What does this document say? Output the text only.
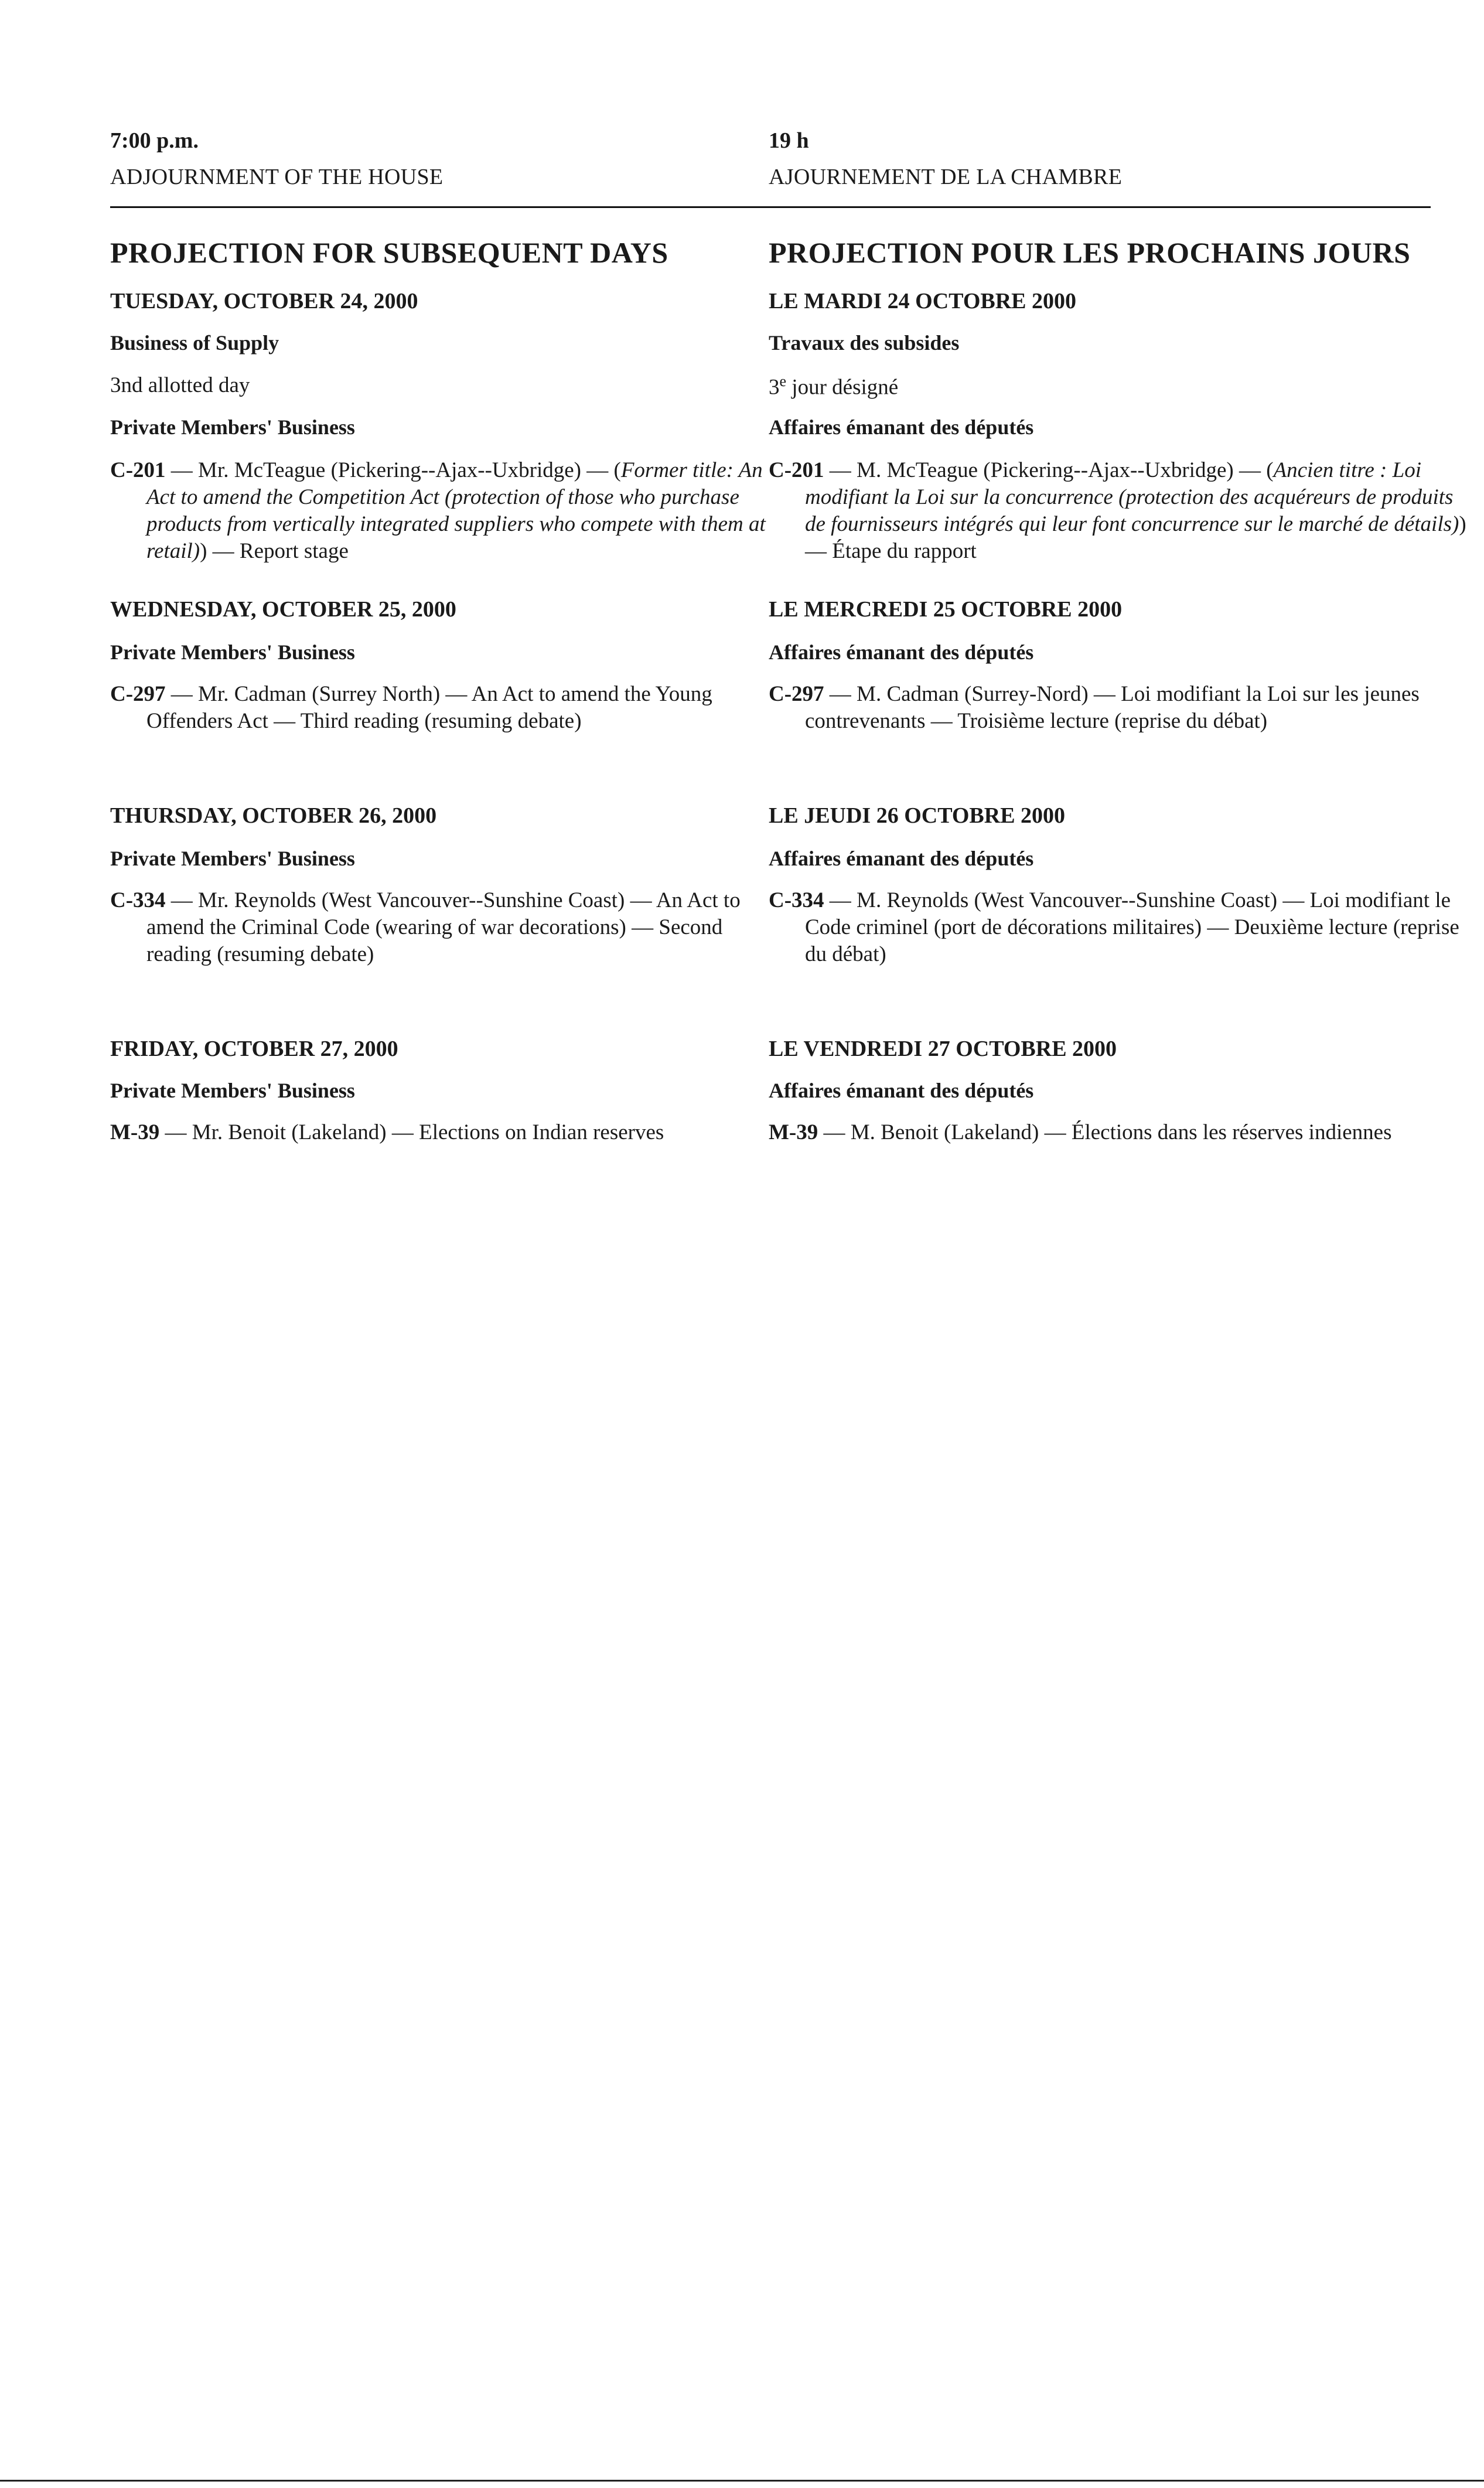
7:00 p.m.
ADJOURNMENT OF THE HOUSE
PROJECTION FOR SUBSEQUENT DAYS
TUESDAY, OCTOBER 24, 2000
Business of Supply
3nd allotted day
Private Members' Business
C-201 — Mr. McTeague (Pickering--Ajax--Uxbridge) — (Former title: An Act to amend the Competition Act (protection of those who purchase products from vertically integrated suppliers who compete with them at retail)) — Report stage
WEDNESDAY, OCTOBER 25, 2000
Private Members' Business
C-297 — Mr. Cadman (Surrey North) — An Act to amend the Young Offenders Act — Third reading (resuming debate)
THURSDAY, OCTOBER 26, 2000
Private Members' Business
C-334 — Mr. Reynolds (West Vancouver--Sunshine Coast) — An Act to amend the Criminal Code (wearing of war decorations) — Second reading (resuming debate)
FRIDAY, OCTOBER 27, 2000
Private Members' Business
M-39 — Mr. Benoit (Lakeland) — Elections on Indian reserves
19 h
AJOURNEMENT DE LA CHAMBRE
PROJECTION POUR LES PROCHAINS JOURS
LE MARDI 24 OCTOBRE 2000
Travaux des subsides
3e jour désigné
Affaires émanant des députés
C-201 — M. McTeague (Pickering--Ajax--Uxbridge) — (Ancien titre : Loi modifiant la Loi sur la concurrence (protection des acquéreurs de produits de fournisseurs intégrés qui leur font concurrence sur le marché de détails)) — Étape du rapport
LE MERCREDI 25 OCTOBRE 2000
Affaires émanant des députés
C-297 — M. Cadman (Surrey-Nord) — Loi modifiant la Loi sur les jeunes contrevenants — Troisième lecture (reprise du débat)
LE JEUDI 26 OCTOBRE 2000
Affaires émanant des députés
C-334 — M. Reynolds (West Vancouver--Sunshine Coast) — Loi modifiant le Code criminel (port de décorations militaires) — Deuxième lecture (reprise du débat)
LE VENDREDI 27 OCTOBRE 2000
Affaires émanant des députés
M-39 — M. Benoit (Lakeland) — Élections dans les réserves indiennes
